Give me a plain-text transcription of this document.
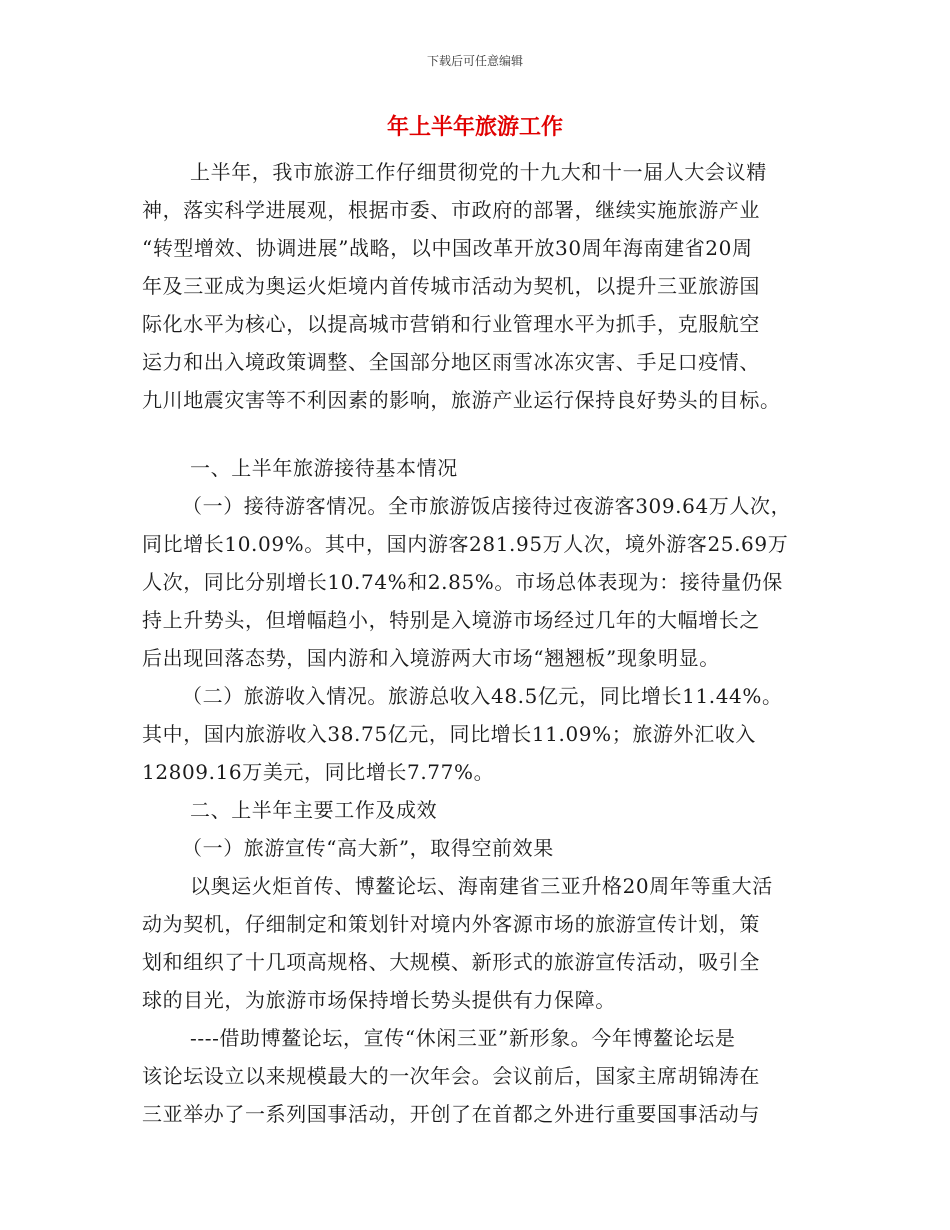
下载后可任意编辑
年上半年旅游工作
上半年，我市旅游工作仔细贯彻党的十九大和十一届人大会议精
神，落实科学进展观，根据市委、市政府的部署，继续实施旅游产业
“转型增效、协调进展”战略，以中国改革开放30周年海南建省20周
年及三亚成为奥运火炬境内首传城市活动为契机，以提升三亚旅游国
际化水平为核心，以提高城市营销和行业管理水平为抓手，克服航空
运力和出入境政策调整、全国部分地区雨雪冰冻灾害、手足口疫情、
九川地震灾害等不利因素的影响，旅游产业运行保持良好势头的目标。
一、上半年旅游接待基本情况
（一）接待游客情况。全市旅游饭店接待过夜游客309.64万人次，
同比增长10.09%。其中，国内游客281.95万人次，境外游客25.69万
人次，同比分别增长10.74%和2.85%。市场总体表现为：接待量仍保
持上升势头，但增幅趋小，特别是入境游市场经过几年的大幅增长之
后出现回落态势，国内游和入境游两大市场“翘翘板”现象明显。
（二）旅游收入情况。旅游总收入48.5亿元，同比增长11.44%。
其中，国内旅游收入38.75亿元，同比增长11.09%；旅游外汇收入
12809.16万美元，同比增长7.77%。
二、上半年主要工作及成效
（一）旅游宣传“高大新”，取得空前效果
以奥运火炬首传、博鳌论坛、海南建省三亚升格20周年等重大活
动为契机，仔细制定和策划针对境内外客源市场的旅游宣传计划，策
划和组织了十几项高规格、大规模、新形式的旅游宣传活动，吸引全
球的目光，为旅游市场保持增长势头提供有力保障。
----借助博鳌论坛，宣传“休闲三亚”新形象。今年博鳌论坛是
该论坛设立以来规模最大的一次年会。会议前后，国家主席胡锦涛在
三亚举办了一系列国事活动，开创了在首都之外进行重要国事活动与
